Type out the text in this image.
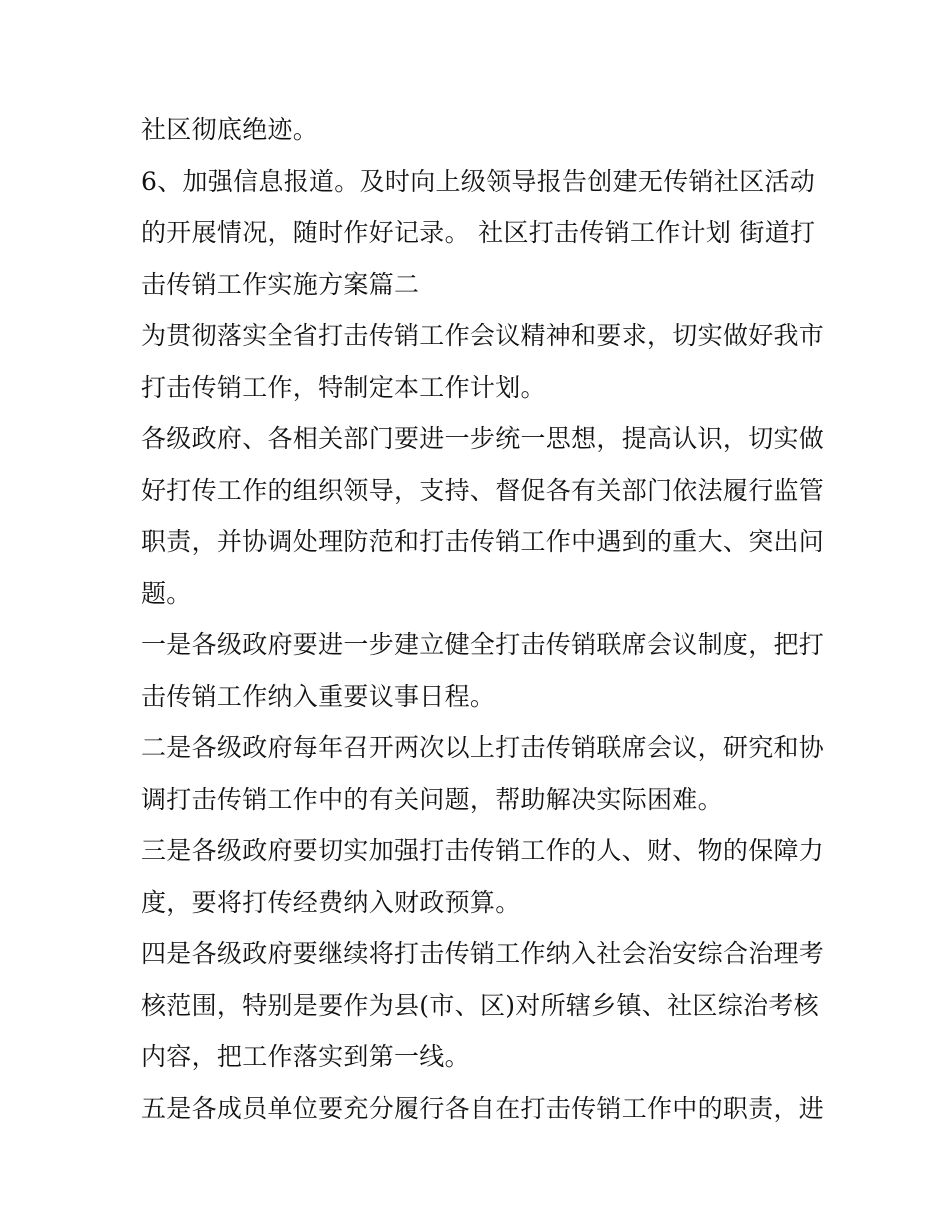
社区彻底绝迹。
6、加强信息报道。及时向上级领导报告创建无传销社区活动
的开展情况，随时作好记录。 社区打击传销工作计划 街道打
击传销工作实施方案篇二
为贯彻落实全省打击传销工作会议精神和要求，切实做好我市
打击传销工作，特制定本工作计划。
各级政府、各相关部门要进一步统一思想，提高认识，切实做
好打传工作的组织领导，支持、督促各有关部门依法履行监管
职责，并协调处理防范和打击传销工作中遇到的重大、突出问
题。
一是各级政府要进一步建立健全打击传销联席会议制度，把打
击传销工作纳入重要议事日程。
二是各级政府每年召开两次以上打击传销联席会议，研究和协
调打击传销工作中的有关问题，帮助解决实际困难。
三是各级政府要切实加强打击传销工作的人、财、物的保障力
度，要将打传经费纳入财政预算。
四是各级政府要继续将打击传销工作纳入社会治安综合治理考
核范围，特别是要作为县(市、区)对所辖乡镇、社区综治考核
内容，把工作落实到第一线。
五是各成员单位要充分履行各自在打击传销工作中的职责，进
